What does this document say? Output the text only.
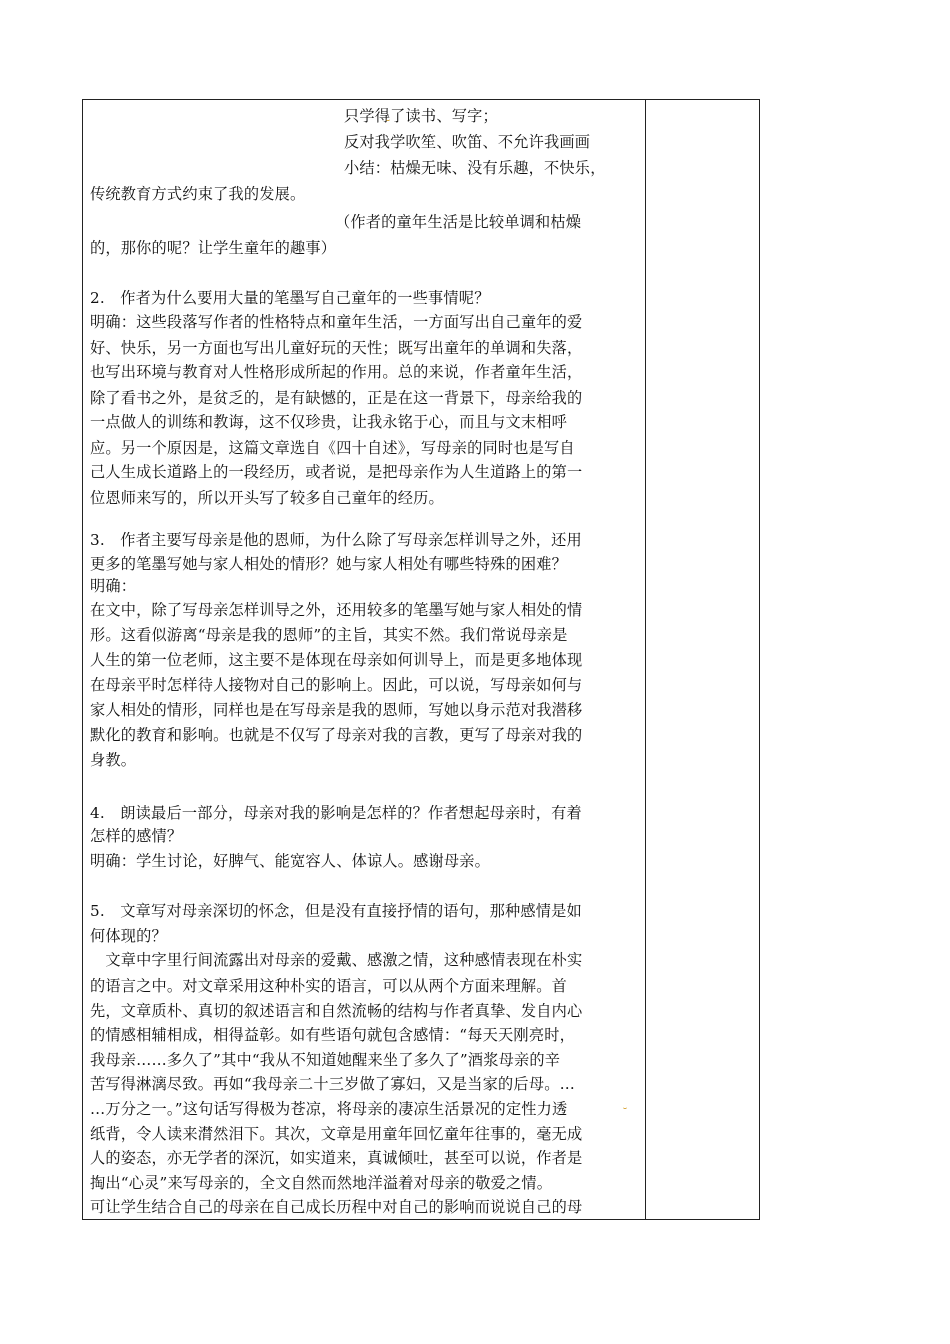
只学得了读书、写字；
反对我学吹笙、吹笛、不允许我画画
小结：枯燥无味、没有乐趣，不快乐，
传统教育方式约束了我的发展。
（作者的童年生活是比较单调和枯燥
的，那你的呢？让学生童年的趣事）
2.　作者为什么要用大量的笔墨写自己童年的一些事情呢？
明确：这些段落写作者的性格特点和童年生活，一方面写出自己童年的爱
好、快乐，另一方面也写出儿童好玩的天性；既写出童年的单调和失落，
也写出环境与教育对人性格形成所起的作用。总的来说，作者童年生活，
除了看书之外，是贫乏的，是有缺憾的，正是在这一背景下，母亲给我的
一点做人的训练和教诲，这不仅珍贵，让我永铭于心，而且与文末相呼
应。另一个原因是，这篇文章选自《四十自述》，写母亲的同时也是写自
己人生成长道路上的一段经历，或者说，是把母亲作为人生道路上的第一
位恩师来写的，所以开头写了较多自己童年的经历。
3.　作者主要写母亲是他的恩师，为什么除了写母亲怎样训导之外，还用
更多的笔墨写她与家人相处的情形？她与家人相处有哪些特殊的困难？
明确：
在文中，除了写母亲怎样训导之外，还用较多的笔墨写她与家人相处的情
形。这看似游离“母亲是我的恩师”的主旨，其实不然。我们常说母亲是
人生的第一位老师，这主要不是体现在母亲如何训导上，而是更多地体现
在母亲平时怎样待人接物对自己的影响上。因此，可以说，写母亲如何与
家人相处的情形，同样也是在写母亲是我的恩师，写她以身示范对我潜移
默化的教育和影响。也就是不仅写了母亲对我的言教，更写了母亲对我的
身教。
4.　朗读最后一部分，母亲对我的影响是怎样的？作者想起母亲时，有着
怎样的感情？
明确：学生讨论，好脾气、能宽容人、体谅人。感谢母亲。
5.　文章写对母亲深切的怀念，但是没有直接抒情的语句，那种感情是如
何体现的？
　文章中字里行间流露出对母亲的爱戴、感激之情，这种感情表现在朴实
的语言之中。对文章采用这种朴实的语言，可以从两个方面来理解。首
先，文章质朴、真切的叙述语言和自然流畅的结构与作者真挚、发自内心
的情感相辅相成，相得益彰。如有些语句就包含感情：“每天天刚亮时，
我母亲……多久了”其中“我从不知道她醒来坐了多久了”酒浆母亲的辛
苦写得淋漓尽致。再如“我母亲二十三岁做了寡妇，又是当家的后母。…
…万分之一。”这句话写得极为苍凉，将母亲的凄凉生活景况的定性力透
纸背，令人读来潸然泪下。其次，文章是用童年回忆童年往事的，毫无成
人的姿态，亦无学者的深沉，如实道来，真诚倾吐，甚至可以说，作者是
掏出“心灵”来写母亲的，全文自然而然地洋溢着对母亲的敬爱之情。
可让学生结合自己的母亲在自己成长历程中对自己的影响而说说自己的母
